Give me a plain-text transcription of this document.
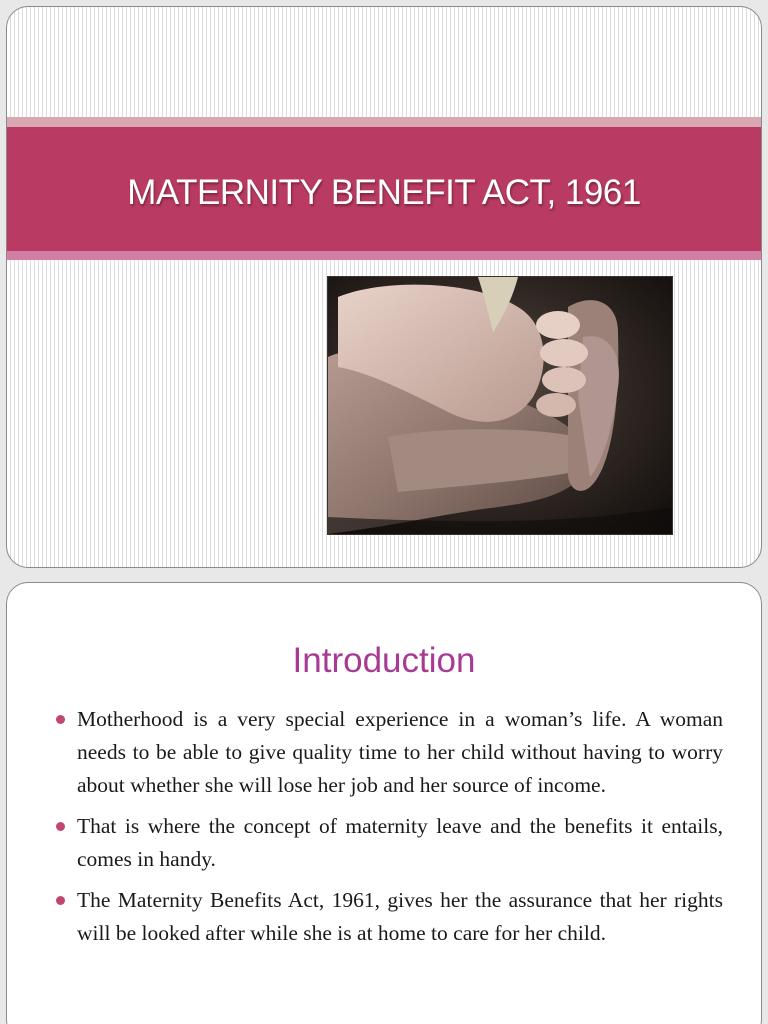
MATERNITY BENEFIT ACT, 1961
Introduction
Motherhood is a very special experience in a woman’s life. A woman needs to be able to give quality time to her child without having to worry about whether she will lose her job and her source of income.
That is where the concept of maternity leave and the benefits it entails, comes in handy.
The Maternity Benefits Act, 1961, gives her the assurance that her rights will be looked after while she is at home to care for her child.
